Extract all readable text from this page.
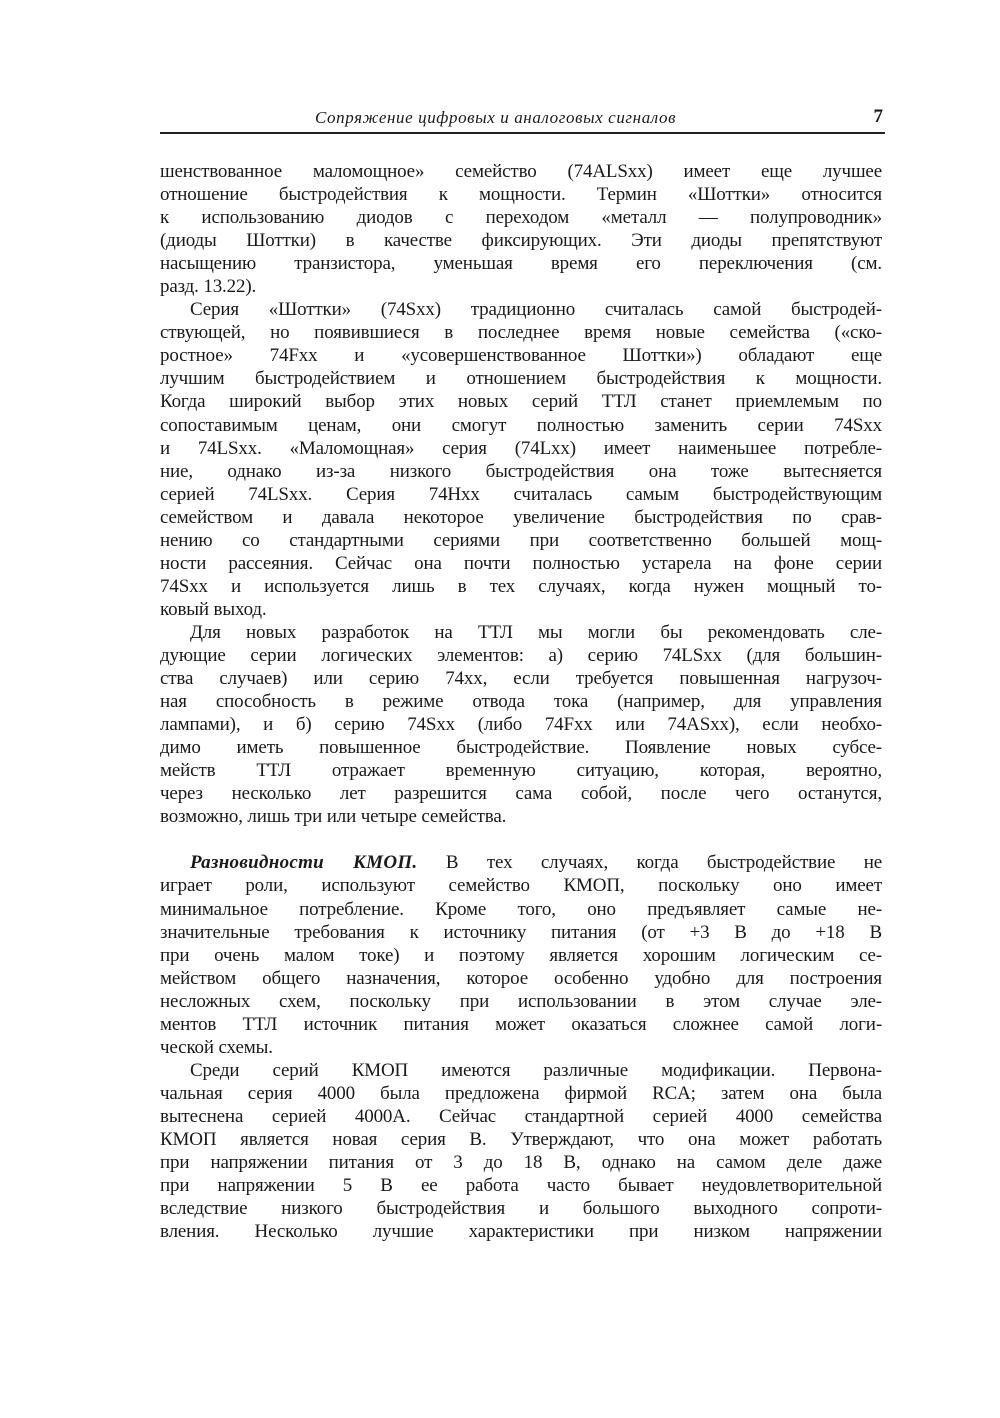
Сопряжение цифровых и аналоговых сигналов	7
шенствованное маломощное» семейство (74ALSxx) имеет еще лучшее
отношение быстродействия к мощности. Термин «Шоттки» относится
к использованию диодов с переходом «металл — полупроводник»
(диоды Шоттки) в качестве фиксирующих. Эти диоды препятствуют
насыщению транзистора, уменьшая время его переключения (см.
разд. 13.22).
Серия «Шоттки» (74Sxx) традиционно считалась самой быстродей-
ствующей, но появившиеся в последнее время новые семейства («ско-
ростное» 74Fxx и «усовершенствованное Шоттки») обладают еще
лучшим быстродействием и отношением быстродействия к мощности.
Когда широкий выбор этих новых серий ТТЛ станет приемлемым по
сопоставимым ценам, они смогут полностью заменить серии 74Sxx
и 74LSxx. «Маломощная» серия (74Lxx) имеет наименьшее потребле-
ние, однако из-за низкого быстродействия она тоже вытесняется
серией 74LSxx. Серия 74Hxx считалась самым быстродействующим
семейством и давала некоторое увеличение быстродействия по срав-
нению со стандартными сериями при соответственно большей мощ-
ности рассеяния. Сейчас она почти полностью устарела на фоне серии
74Sxx и используется лишь в тех случаях, когда нужен мощный то-
ковый выход.
Для новых разработок на ТТЛ мы могли бы рекомендовать сле-
дующие серии логических элементов: а) серию 74LSxx (для большин-
ства случаев) или серию 74xx, если требуется повышенная нагрузоч-
ная способность в режиме отвода тока (например, для управления
лампами), и б) серию 74Sxx (либо 74Fxx или 74ASxx), если необхо-
димо иметь повышенное быстродействие. Появление новых субсе-
мейств ТТЛ отражает временную ситуацию, которая, вероятно,
через несколько лет разрешится сама собой, после чего останутся,
возможно, лишь три или четыре семейства.
Разновидности КМОП. В тех случаях, когда быстродействие не
играет роли, используют семейство КМОП, поскольку оно имеет
минимальное потребление. Кроме того, оно предъявляет самые не-
значительные требования к источнику питания (от +3 В до +18 В
при очень малом токе) и поэтому является хорошим логическим се-
мейством общего назначения, которое особенно удобно для построения
несложных схем, поскольку при использовании в этом случае эле-
ментов ТТЛ источник питания может оказаться сложнее самой логи-
ческой схемы.
Среди серий КМОП имеются различные модификации. Первона-
чальная серия 4000 была предложена фирмой RCA; затем она была
вытеснена серией 4000А. Сейчас стандартной серией 4000 семейства
КМОП является новая серия В. Утверждают, что она может работать
при напряжении питания от 3 до 18 В, однако на самом деле даже
при напряжении 5 В ее работа часто бывает неудовлетворительной
вследствие низкого быстродействия и большого выходного сопроти-
вления. Несколько лучшие характеристики при низком напряжении
